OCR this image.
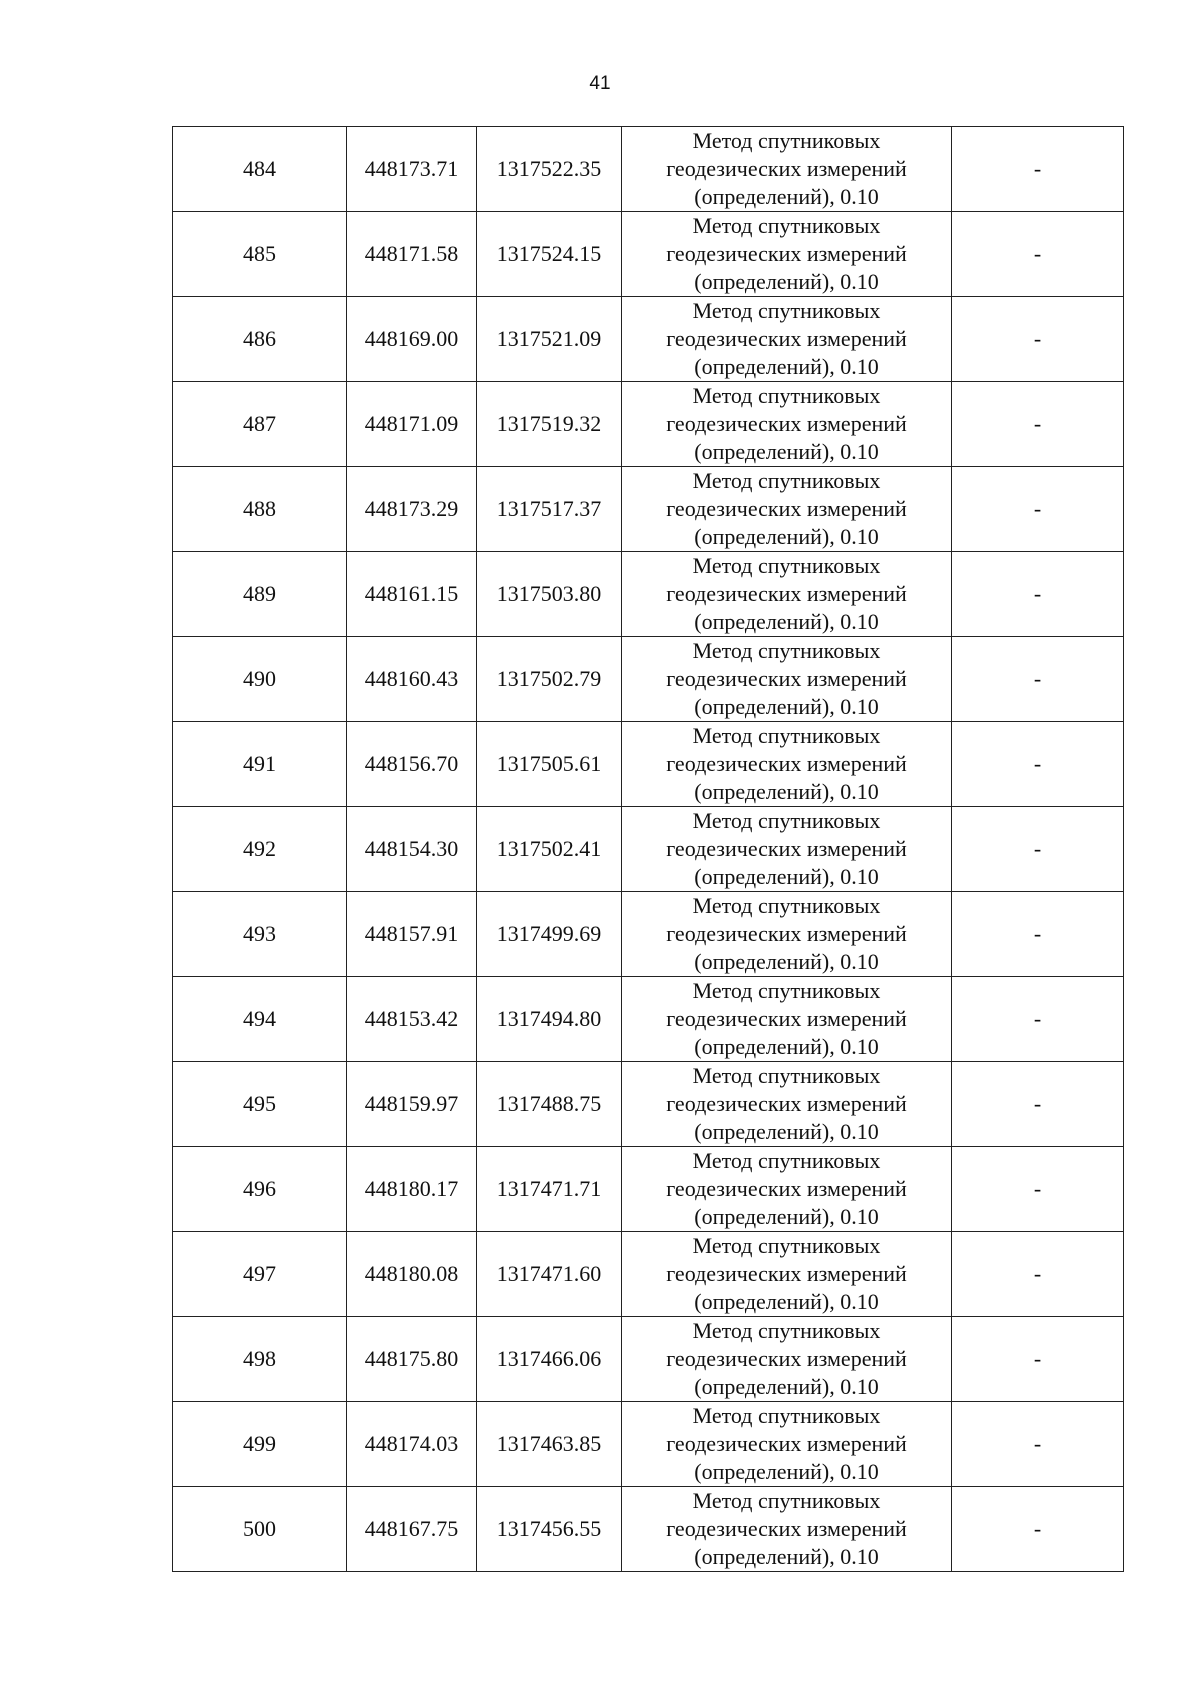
41
484	448173.71	1317522.35	Метод спутниковых
геодезических измерений
(определений), 0.10	-
485	448171.58	1317524.15	Метод спутниковых
геодезических измерений
(определений), 0.10	-
486	448169.00	1317521.09	Метод спутниковых
геодезических измерений
(определений), 0.10	-
487	448171.09	1317519.32	Метод спутниковых
геодезических измерений
(определений), 0.10	-
488	448173.29	1317517.37	Метод спутниковых
геодезических измерений
(определений), 0.10	-
489	448161.15	1317503.80	Метод спутниковых
геодезических измерений
(определений), 0.10	-
490	448160.43	1317502.79	Метод спутниковых
геодезических измерений
(определений), 0.10	-
491	448156.70	1317505.61	Метод спутниковых
геодезических измерений
(определений), 0.10	-
492	448154.30	1317502.41	Метод спутниковых
геодезических измерений
(определений), 0.10	-
493	448157.91	1317499.69	Метод спутниковых
геодезических измерений
(определений), 0.10	-
494	448153.42	1317494.80	Метод спутниковых
геодезических измерений
(определений), 0.10	-
495	448159.97	1317488.75	Метод спутниковых
геодезических измерений
(определений), 0.10	-
496	448180.17	1317471.71	Метод спутниковых
геодезических измерений
(определений), 0.10	-
497	448180.08	1317471.60	Метод спутниковых
геодезических измерений
(определений), 0.10	-
498	448175.80	1317466.06	Метод спутниковых
геодезических измерений
(определений), 0.10	-
499	448174.03	1317463.85	Метод спутниковых
геодезических измерений
(определений), 0.10	-
500	448167.75	1317456.55	Метод спутниковых
геодезических измерений
(определений), 0.10	-
